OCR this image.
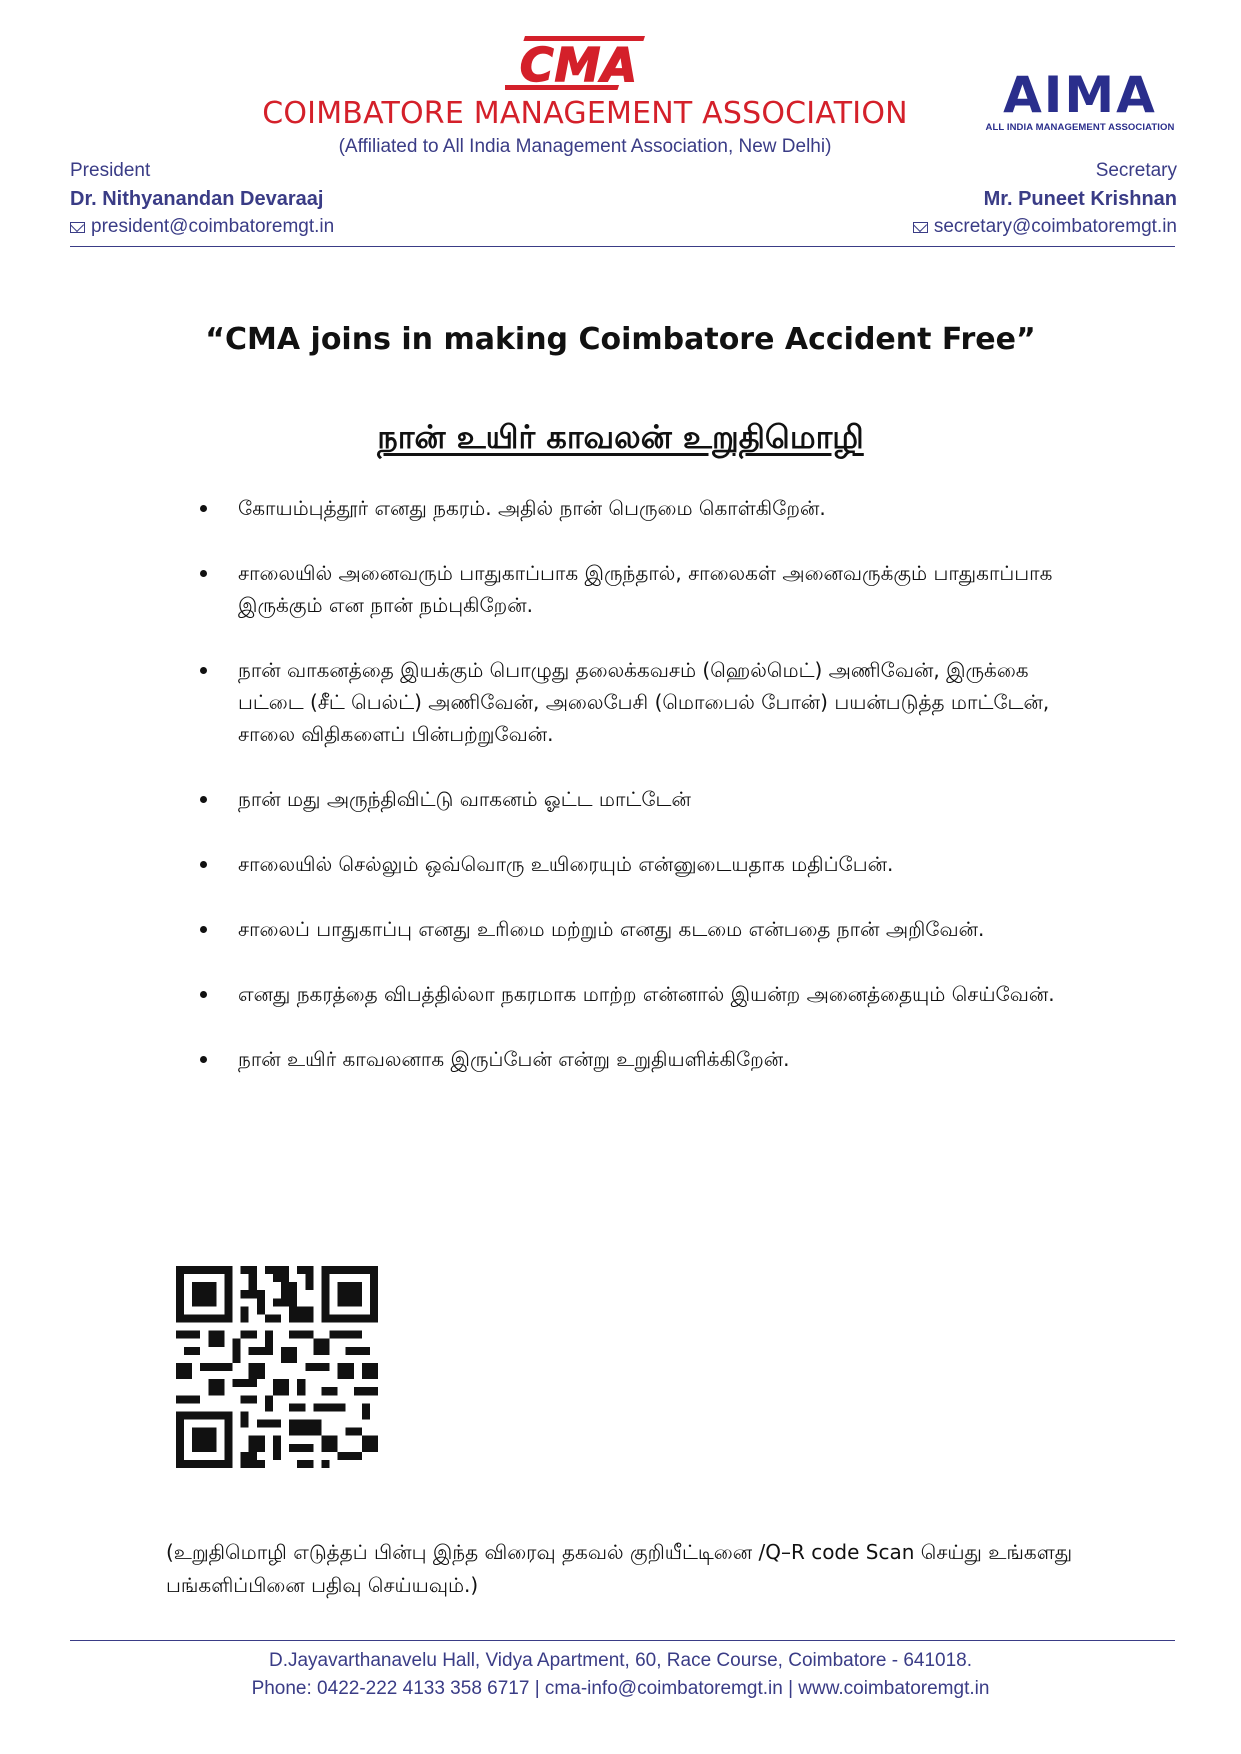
CMA
COIMBATORE MANAGEMENT ASSOCIATION
(Affiliated to All India Management Association, New Delhi)
AIMA
ALL INDIA MANAGEMENT ASSOCIATION
President
Dr. Nithyanandan Devaraaj
president@coimbatoremgt.in
Secretary
Mr. Puneet Krishnan
secretary@coimbatoremgt.in
“CMA joins in making Coimbatore Accident Free”
நான் உயிர் காவலன் உறுதிமொழி
கோயம்புத்தூர் எனது நகரம். அதில் நான் பெருமை கொள்கிறேன்.
சாலையில் அனைவரும் பாதுகாப்பாக இருந்தால், சாலைகள் அனைவருக்கும் பாதுகாப்பாக இருக்கும் என நான் நம்புகிறேன்.
நான் வாகனத்தை இயக்கும் பொழுது தலைக்கவசம் (ஹெல்மெட்) அணிவேன், இருக்கை பட்டை (சீட் பெல்ட்) அணிவேன், அலைபேசி (மொபைல் போன்) பயன்படுத்த மாட்டேன், சாலை விதிகளைப் பின்பற்றுவேன்.
நான் மது அருந்திவிட்டு வாகனம் ஓட்ட மாட்டேன்
சாலையில் செல்லும் ஒவ்வொரு உயிரையும் என்னுடையதாக மதிப்பேன்.
சாலைப் பாதுகாப்பு எனது உரிமை மற்றும் எனது கடமை என்பதை நான் அறிவேன்.
எனது நகரத்தை விபத்தில்லா நகரமாக மாற்ற என்னால் இயன்ற அனைத்தையும் செய்வேன்.
நான் உயிர் காவலனாக இருப்பேன் என்று உறுதியளிக்கிறேன்.
(உறுதிமொழி எடுத்தப் பின்பு இந்த விரைவு தகவல் குறியீட்டினை /Q–R code Scan செய்து உங்களது பங்களிப்பினை பதிவு செய்யவும்.)
D.Jayavarthanavelu Hall, Vidya Apartment, 60, Race Course, Coimbatore - 641018.
Phone: 0422-222 4133 358 6717 | cma-info@coimbatoremgt.in | www.coimbatoremgt.in
